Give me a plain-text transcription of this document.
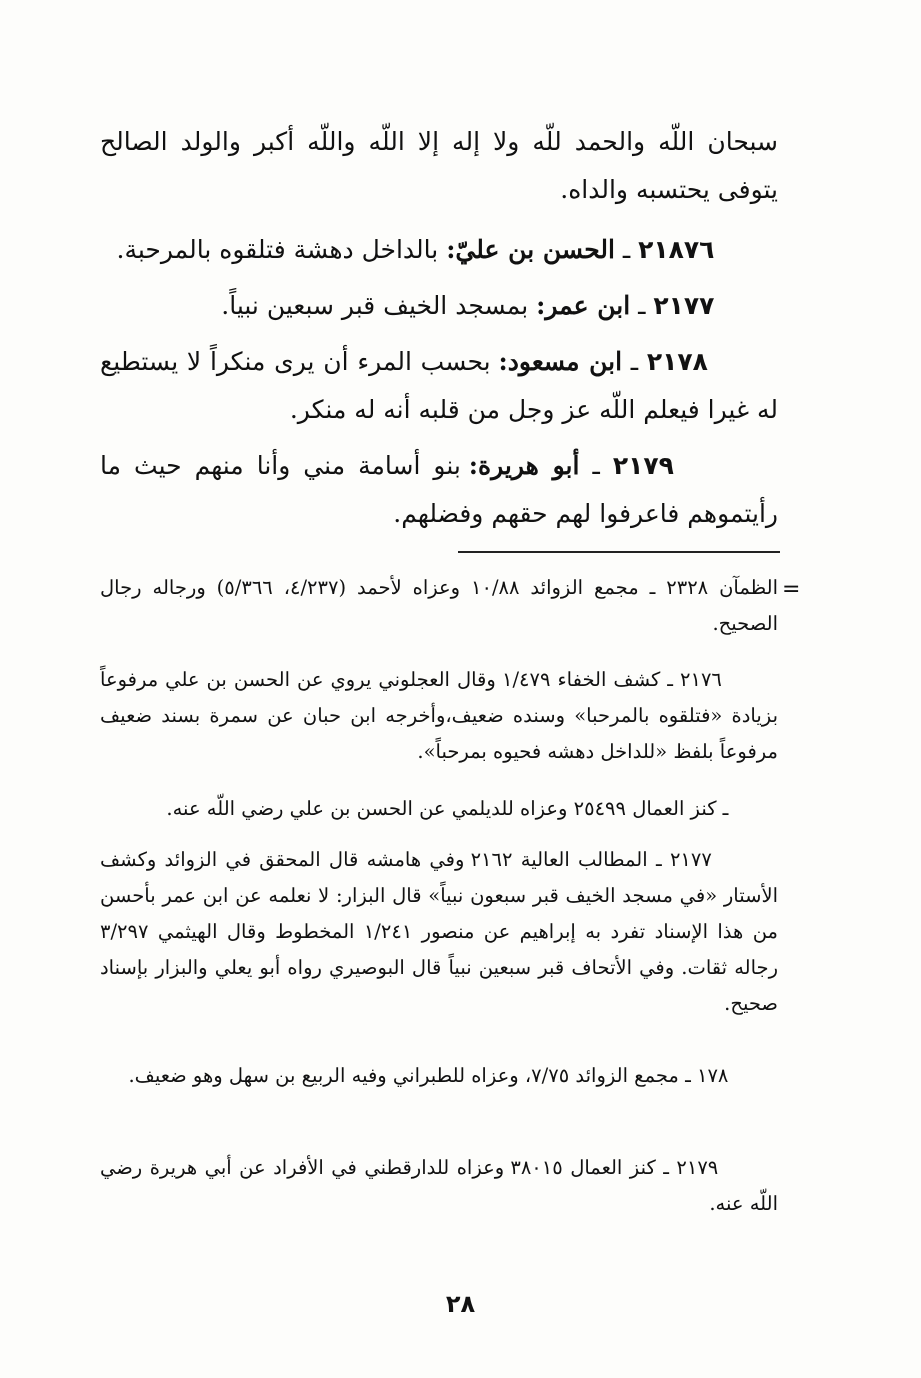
سبحان اللّه والحمد للّه ولا إله إلا اللّه واللّه أكبر والولد الصالح يتوفى يحتسبه والداه.

٢١٨٧٦ ـ الحسن بن عليّ: بالداخل دهشة فتلقوه بالمرحبة.

٢١٧٧ ـ ابن عمر: بمسجد الخيف قبر سبعين نبياً.

٢١٧٨ ـ ابن مسعود: بحسب المرء أن يرى منكراً لا يستطيع له غيرا فيعلم اللّه عز وجل من قلبه أنه له منكر.

٢١٧٩ ـ أبو هريرة: بنو أسامة مني وأنا منهم حيث ما رأيتموهم فاعرفوا لهم حقهم وفضلهم.

=

الظمآن ٢٣٢٨ ـ مجمع الزوائد ١٠/٨٨ وعزاه لأحمد (٤/٢٣٧، ٥/٣٦٦) ورجاله رجال الصحيح.

٢١٧٦ ـ كشف الخفاء ١/٤٧٩ وقال العجلوني يروي عن الحسن بن علي مرفوعاً بزيادة «فتلقوه بالمرحبا» وسنده ضعيف،وأخرجه ابن حبان عن سمرة بسند ضعيف مرفوعاً بلفظ «للداخل دهشه فحيوه بمرحباً».

ـ كنز العمال ٢٥٤٩٩ وعزاه للديلمي عن الحسن بن علي رضي اللّه عنه.

٢١٧٧ ـ المطالب العالية ٢١٦٢ وفي هامشه قال المحقق في الزوائد وكشف الأستار «في مسجد الخيف قبر سبعون نبياً» قال البزار: لا نعلمه عن ابن عمر بأحسن من هذا الإسناد تفرد به إبراهيم عن منصور ١/٢٤١ المخطوط وقال الهيثمي ٣/٢٩٧ رجاله ثقات. وفي الأتحاف قبر سبعين نبياً قال البوصيري رواه أبو يعلي والبزار بإسناد صحيح.

١٧٨ ـ مجمع الزوائد ٧/٧٥، وعزاه للطبراني وفيه الربيع بن سهل وهو ضعيف.

٢١٧٩ ـ كنز العمال ٣٨٠١٥ وعزاه للدارقطني في الأفراد عن أبي هريرة رضي اللّه عنه.

٢٨
